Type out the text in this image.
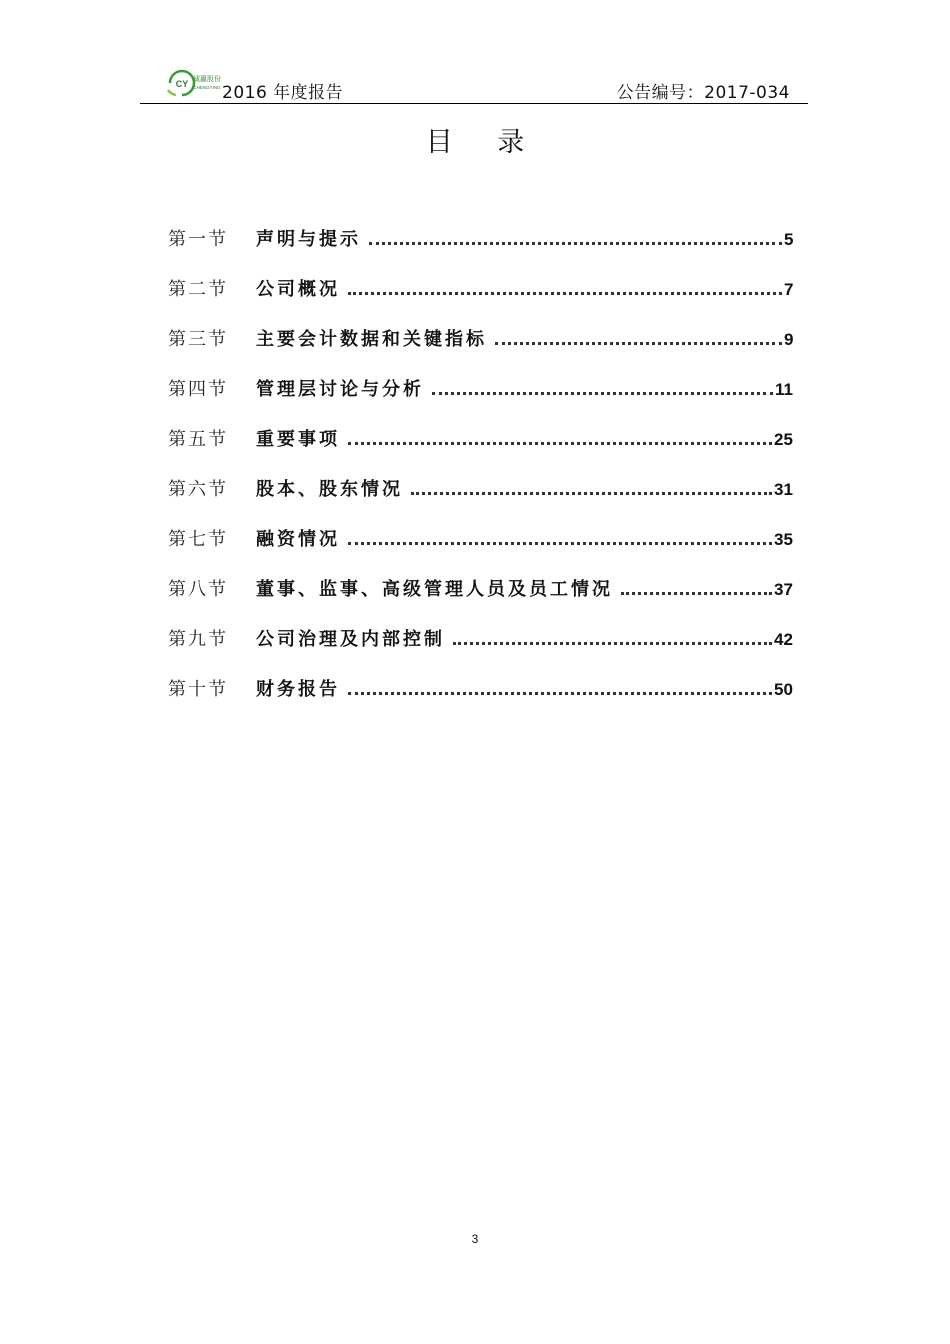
CY 诚赢股份
CHENGYING 2016 年度报告	公告编号：2017-034
目 录
第一节 声明与提示	5
第二节 公司概况	7
第三节 主要会计数据和关键指标	9
第四节 管理层讨论与分析	11
第五节 重要事项	25
第六节 股本、股东情况	31
第七节 融资情况	35
第八节 董事、监事、高级管理人员及员工情况	37
第九节 公司治理及内部控制	42
第十节 财务报告	50
3
